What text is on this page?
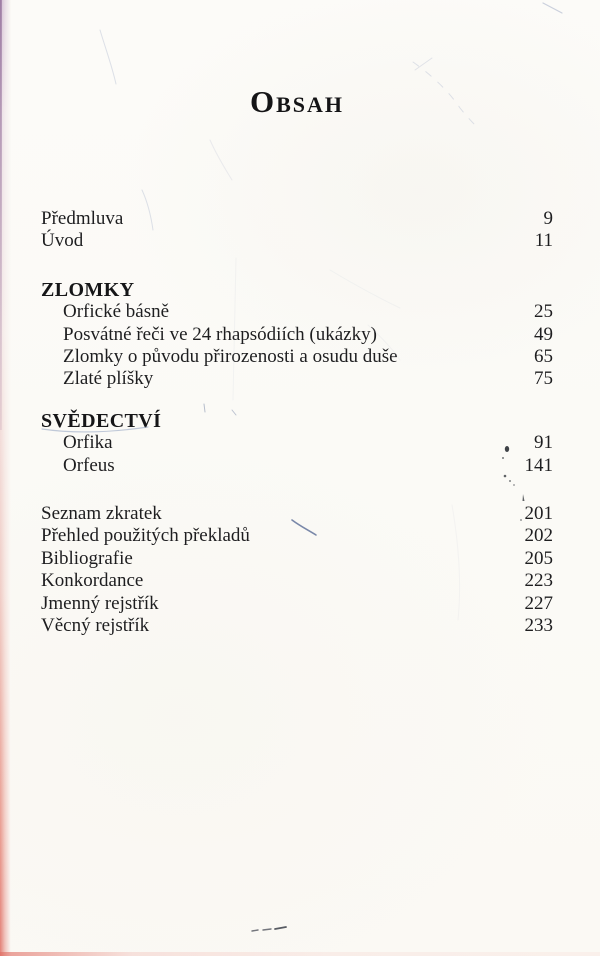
Obsah
Předmluva	9
Úvod	11
ZLOMKY
Orfické básně	25
Posvátné řeči ve 24 rhapsódiích (ukázky)	49
Zlomky o původu přirozenosti a osudu duše	65
Zlaté plíšky	75
SVĚDECTVÍ
Orfika	91
Orfeus	141
Seznam zkratek	201
Přehled použitých překladů	202
Bibliografie	205
Konkordance	223
Jmenný rejstřík	227
Věcný rejstřík	233
